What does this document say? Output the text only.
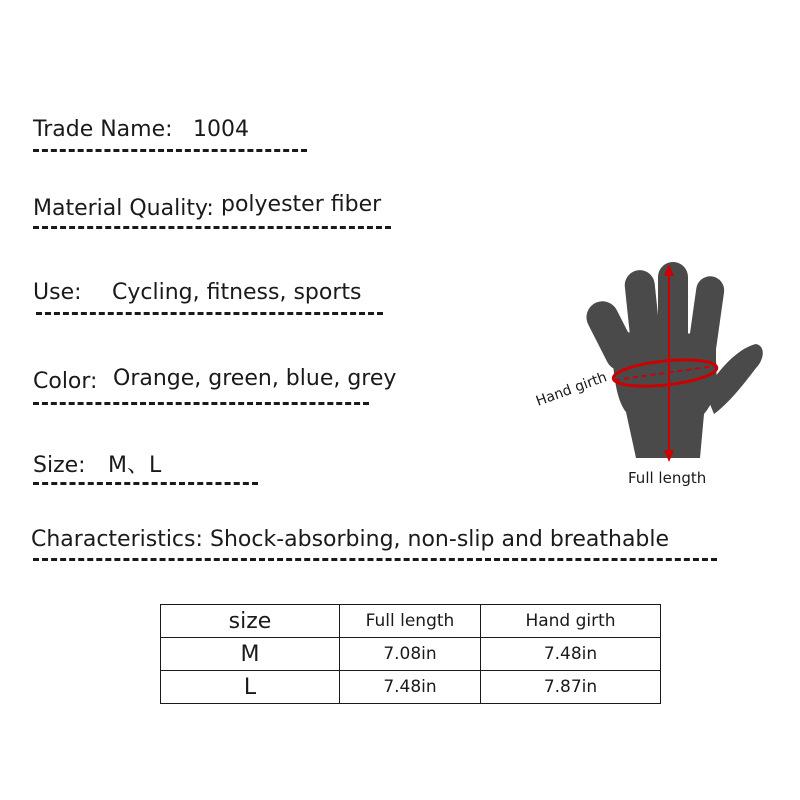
Trade Name: 1004
Material Quality: polyester fiber
Use: Cycling, fitness, sports
Color: Orange, green, blue, grey
Size: M、L
Characteristics: Shock-absorbing, non-slip and breathable
Hand girth
Full length
size	Full length	Hand girth
M	7.08in	7.48in
L	7.48in	7.87in
